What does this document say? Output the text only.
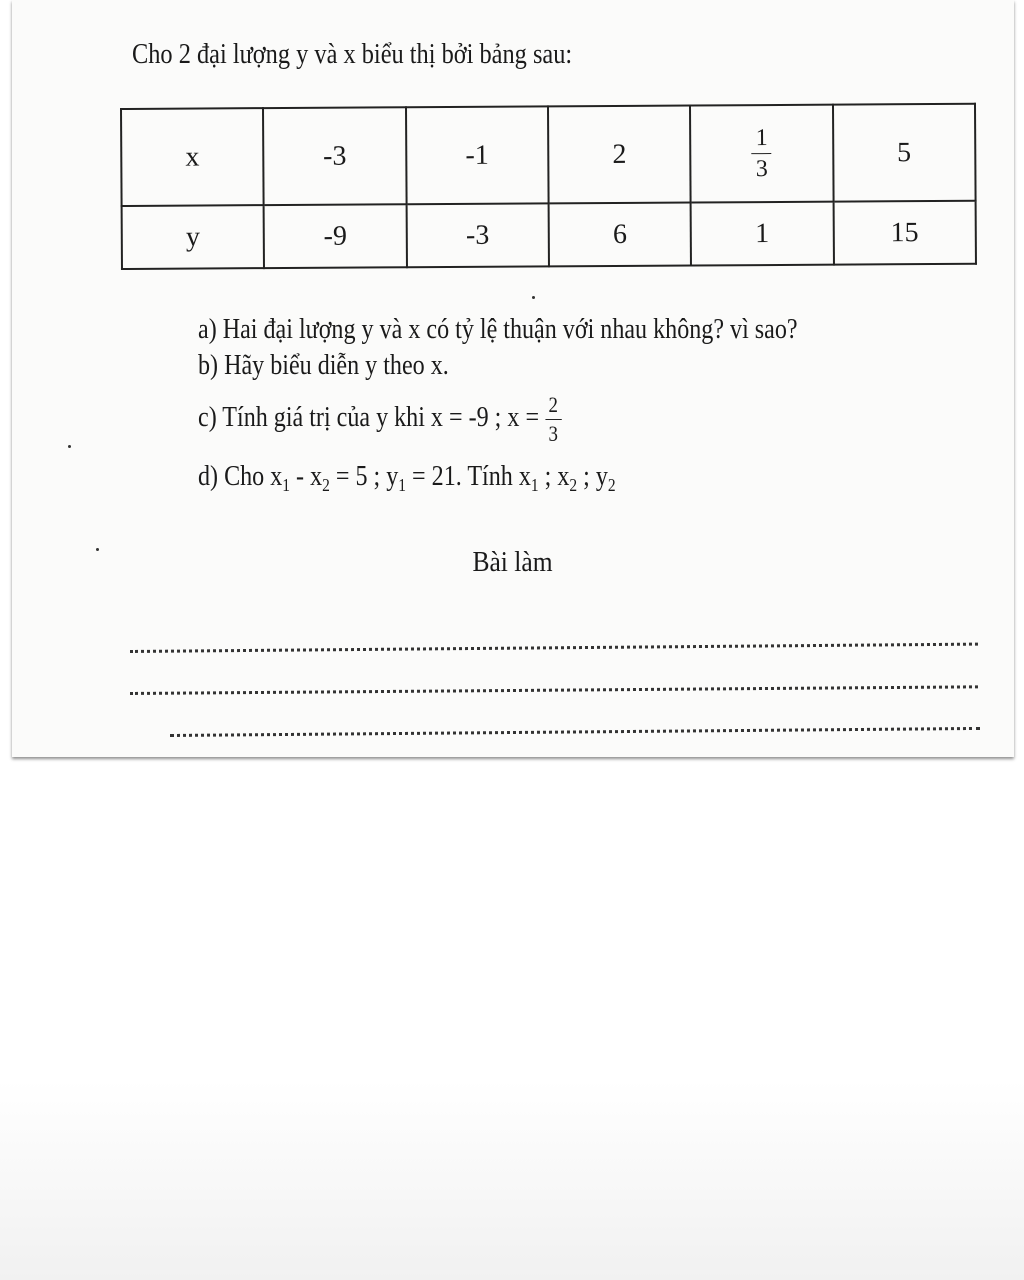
Cho 2 đại lượng y và x biểu thị bởi bảng sau:
x	-3	-1	2	$\frac{1}{3}$	5
y	-9	-3	6	1	15

a) Hai đại lượng y và x có tỷ lệ thuận với nhau không? vì sao?

b) Hãy biểu diễn y theo x.

c) Tính giá trị của y khi x = -9 ; $x = \frac{2}{3}$

d) Cho $x_1 - x_2 = 5$ ; $y_1 = 21$. Tính $x_1$ ; $x_2$ ; $y_2$

Bài làm
